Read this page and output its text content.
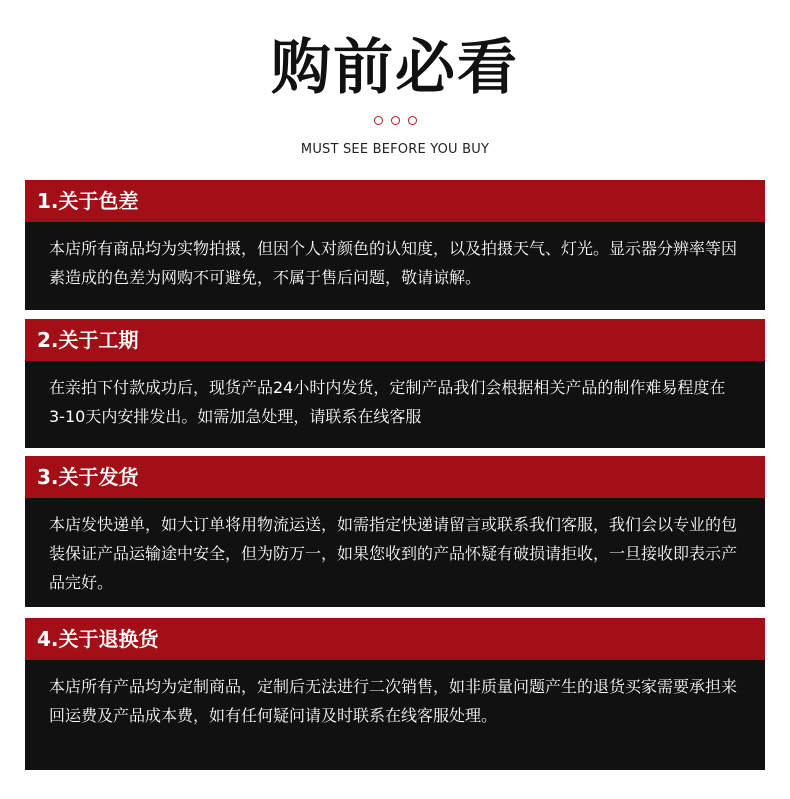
购前必看
MUST SEE BEFORE YOU BUY
1.关于色差
本店所有商品均为实物拍摄，但因个人对颜色的认知度，以及拍摄天气、灯光。显示器分辨率等因素造成的色差为网购不可避免，不属于售后问题，敬请谅解。
2.关于工期
在亲拍下付款成功后，现货产品24小时内发货，定制产品我们会根据相关产品的制作难易程度在3-10天内安排发出。如需加急处理，请联系在线客服
3.关于发货
本店发快递单，如大订单将用物流运送，如需指定快递请留言或联系我们客服，我们会以专业的包装保证产品运输途中安全，但为防万一，如果您收到的产品怀疑有破损请拒收，一旦接收即表示产品完好。
4.关于退换货
本店所有产品均为定制商品，定制后无法进行二次销售，如非质量问题产生的退货买家需要承担来回运费及产品成本费，如有任何疑问请及时联系在线客服处理。
